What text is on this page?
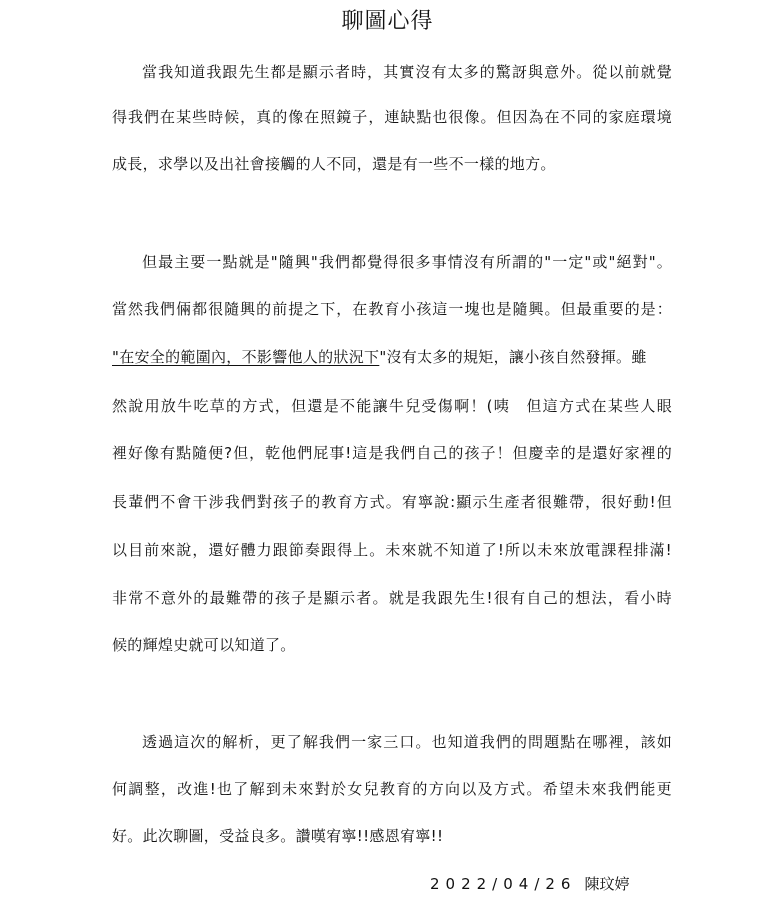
聊圖心得
當我知道我跟先生都是顯示者時，其實沒有太多的驚訝與意外。從以前就覺
得我們在某些時候，真的像在照鏡子，連缺點也很像。但因為在不同的家庭環境
成長，求學以及出社會接觸的人不同，還是有一些不一樣的地方。
但最主要一點就是"隨興"我們都覺得很多事情沒有所謂的"一定"或"絕對"。
當然我們倆都很隨興的前提之下，在教育小孩這一塊也是隨興。但最重要的是：
"在安全的範圍內，不影響他人的狀況下"沒有太多的規矩，讓小孩自然發揮。雖
然說用放牛吃草的方式，但還是不能讓牛兒受傷啊！(咦　但這方式在某些人眼
裡好像有點隨便?但，乾他們屁事!這是我們自己的孩子！但慶幸的是還好家裡的
長輩們不會干涉我們對孩子的教育方式。宥寧說:顯示生產者很難帶，很好動!但
以目前來說，還好體力跟節奏跟得上。未來就不知道了!所以未來放電課程排滿!
非常不意外的最難帶的孩子是顯示者。就是我跟先生!很有自己的想法，看小時
候的輝煌史就可以知道了。
透過這次的解析，更了解我們一家三口。也知道我們的問題點在哪裡，該如
何調整，改進!也了解到未來對於女兒教育的方向以及方式。希望未來我們能更
好。此次聊圖，受益良多。讚嘆宥寧!!感恩宥寧!!
2022/04/26 陳玟婷
